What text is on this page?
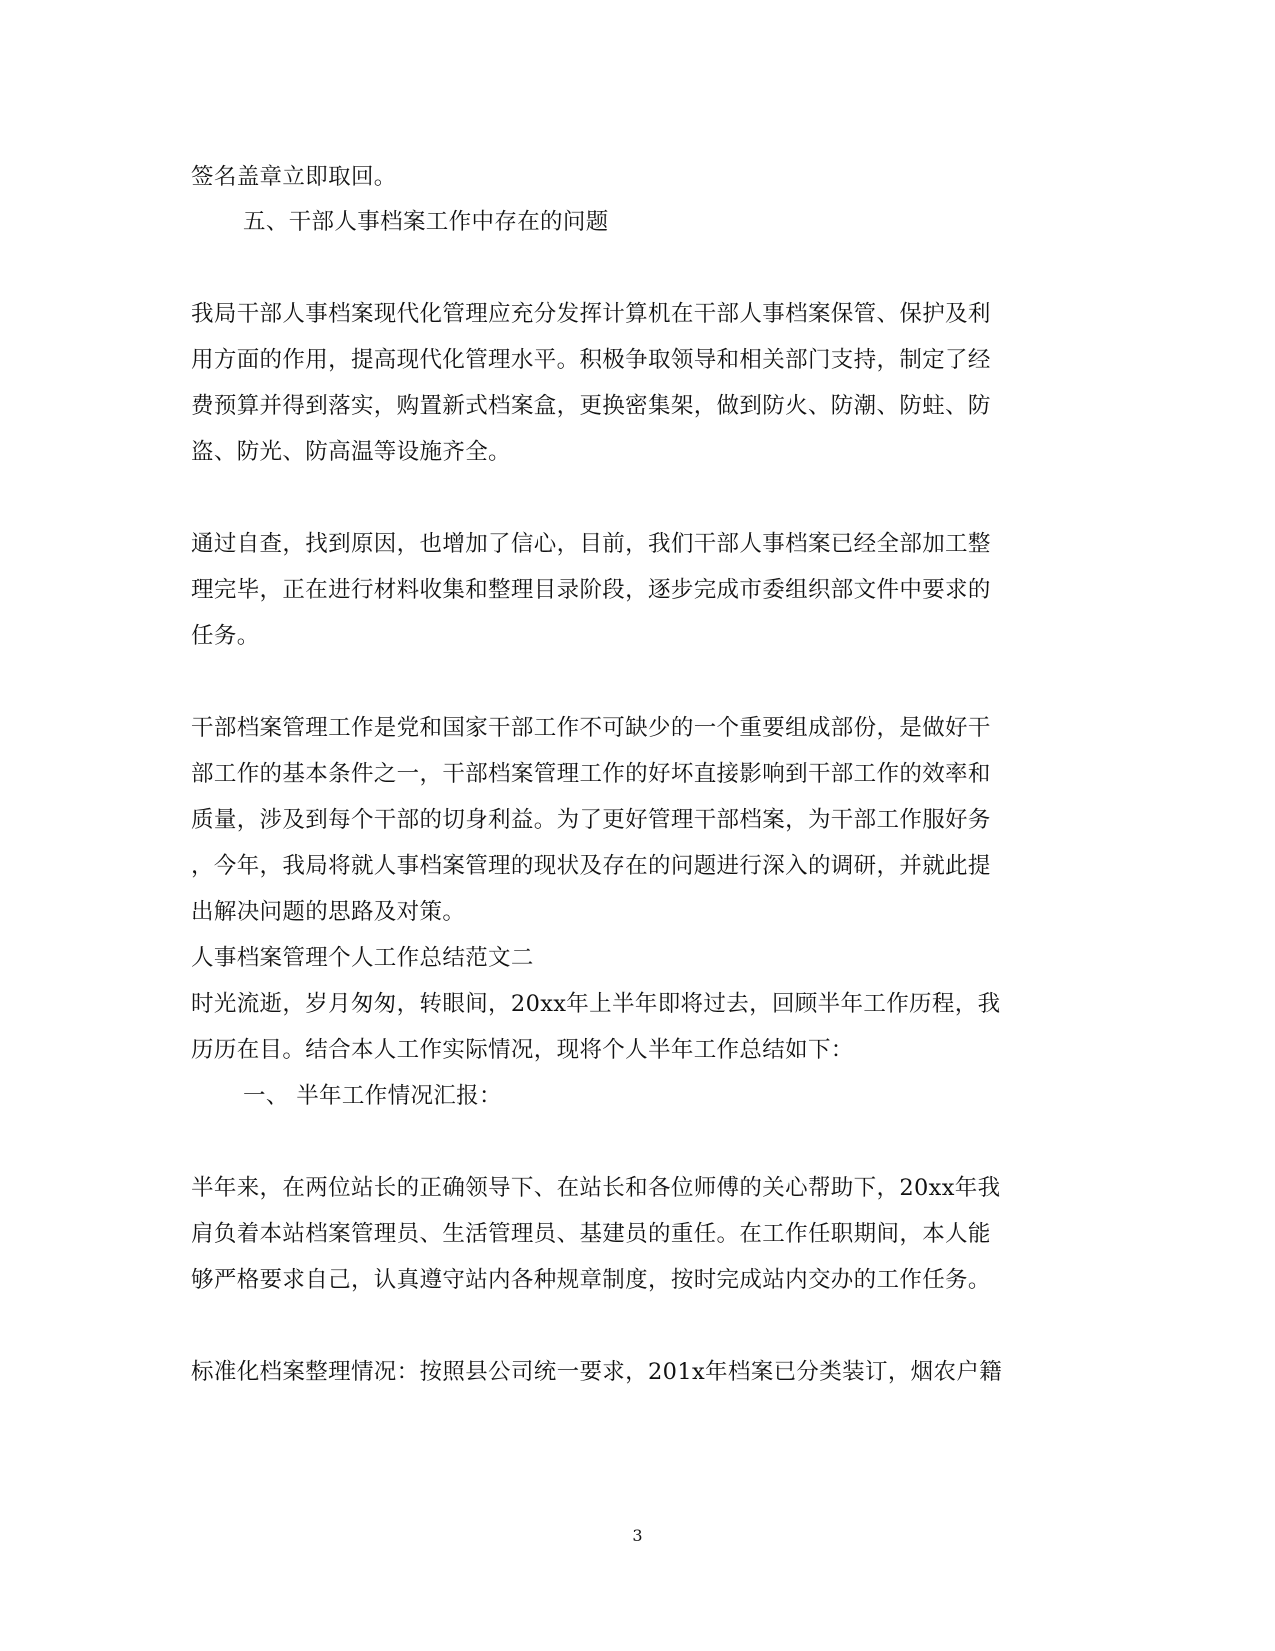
签名盖章立即取回。
五、干部人事档案工作中存在的问题
我局干部人事档案现代化管理应充分发挥计算机在干部人事档案保管、保护及利
用方面的作用，提高现代化管理水平。积极争取领导和相关部门支持，制定了经
费预算并得到落实，购置新式档案盒，更换密集架，做到防火、防潮、防蛀、防
盗、防光、防高温等设施齐全。
通过自查，找到原因，也增加了信心，目前，我们干部人事档案已经全部加工整
理完毕，正在进行材料收集和整理目录阶段，逐步完成市委组织部文件中要求的
任务。
干部档案管理工作是党和国家干部工作不可缺少的一个重要组成部份，是做好干
部工作的基本条件之一，干部档案管理工作的好坏直接影响到干部工作的效率和
质量，涉及到每个干部的切身利益。为了更好管理干部档案，为干部工作服好务
，今年，我局将就人事档案管理的现状及存在的问题进行深入的调研，并就此提
出解决问题的思路及对策。
人事档案管理个人工作总结范文二
时光流逝，岁月匆匆，转眼间，20xx年上半年即将过去，回顾半年工作历程，我
历历在目。结合本人工作实际情况，现将个人半年工作总结如下：
一、 半年工作情况汇报：
半年来，在两位站长的正确领导下、在站长和各位师傅的关心帮助下，20xx年我
肩负着本站档案管理员、生活管理员、基建员的重任。在工作任职期间，本人能
够严格要求自己，认真遵守站内各种规章制度，按时完成站内交办的工作任务。
标准化档案整理情况：按照县公司统一要求，201x年档案已分类装订，烟农户籍
3
